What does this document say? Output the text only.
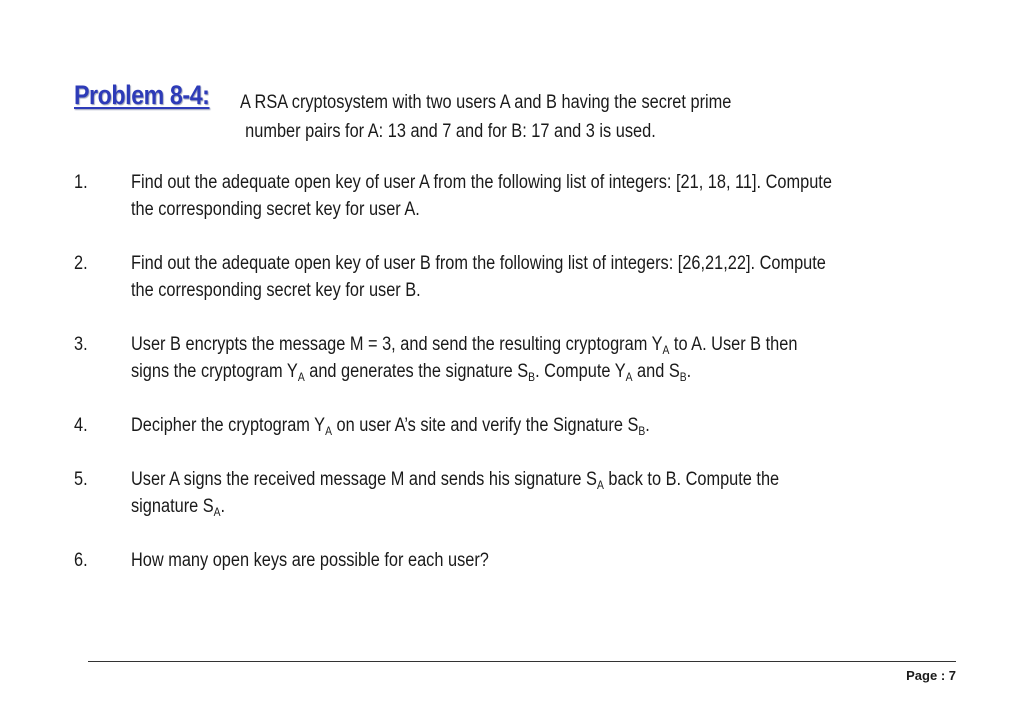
Problem 8-4: A RSA cryptosystem with two users A and B having the secret prime
number pairs for A: 13 and 7 and for B: 17 and 3 is used.
1. Find out the adequate open key of user A from the following list of integers: [21, 18, 11]. Compute
the corresponding secret key for user A.
2. Find out the adequate open key of user B from the following list of integers: [26,21,22]. Compute
the corresponding secret key for user B.
3. User B encrypts the message M = 3, and send the resulting cryptogram $Y_A$ to A. User B then
signs the cryptogram $Y_A$ and generates the signature $S_B$. Compute $Y_A$ and $S_B$.
4. Decipher the cryptogram $Y_A$ on user A’s site and verify the Signature $S_B$.
5. User A signs the received message M and sends his signature $S_A$ back to B. Compute the
signature $S_A$.
6. How many open keys are possible for each user?
Page : 7
